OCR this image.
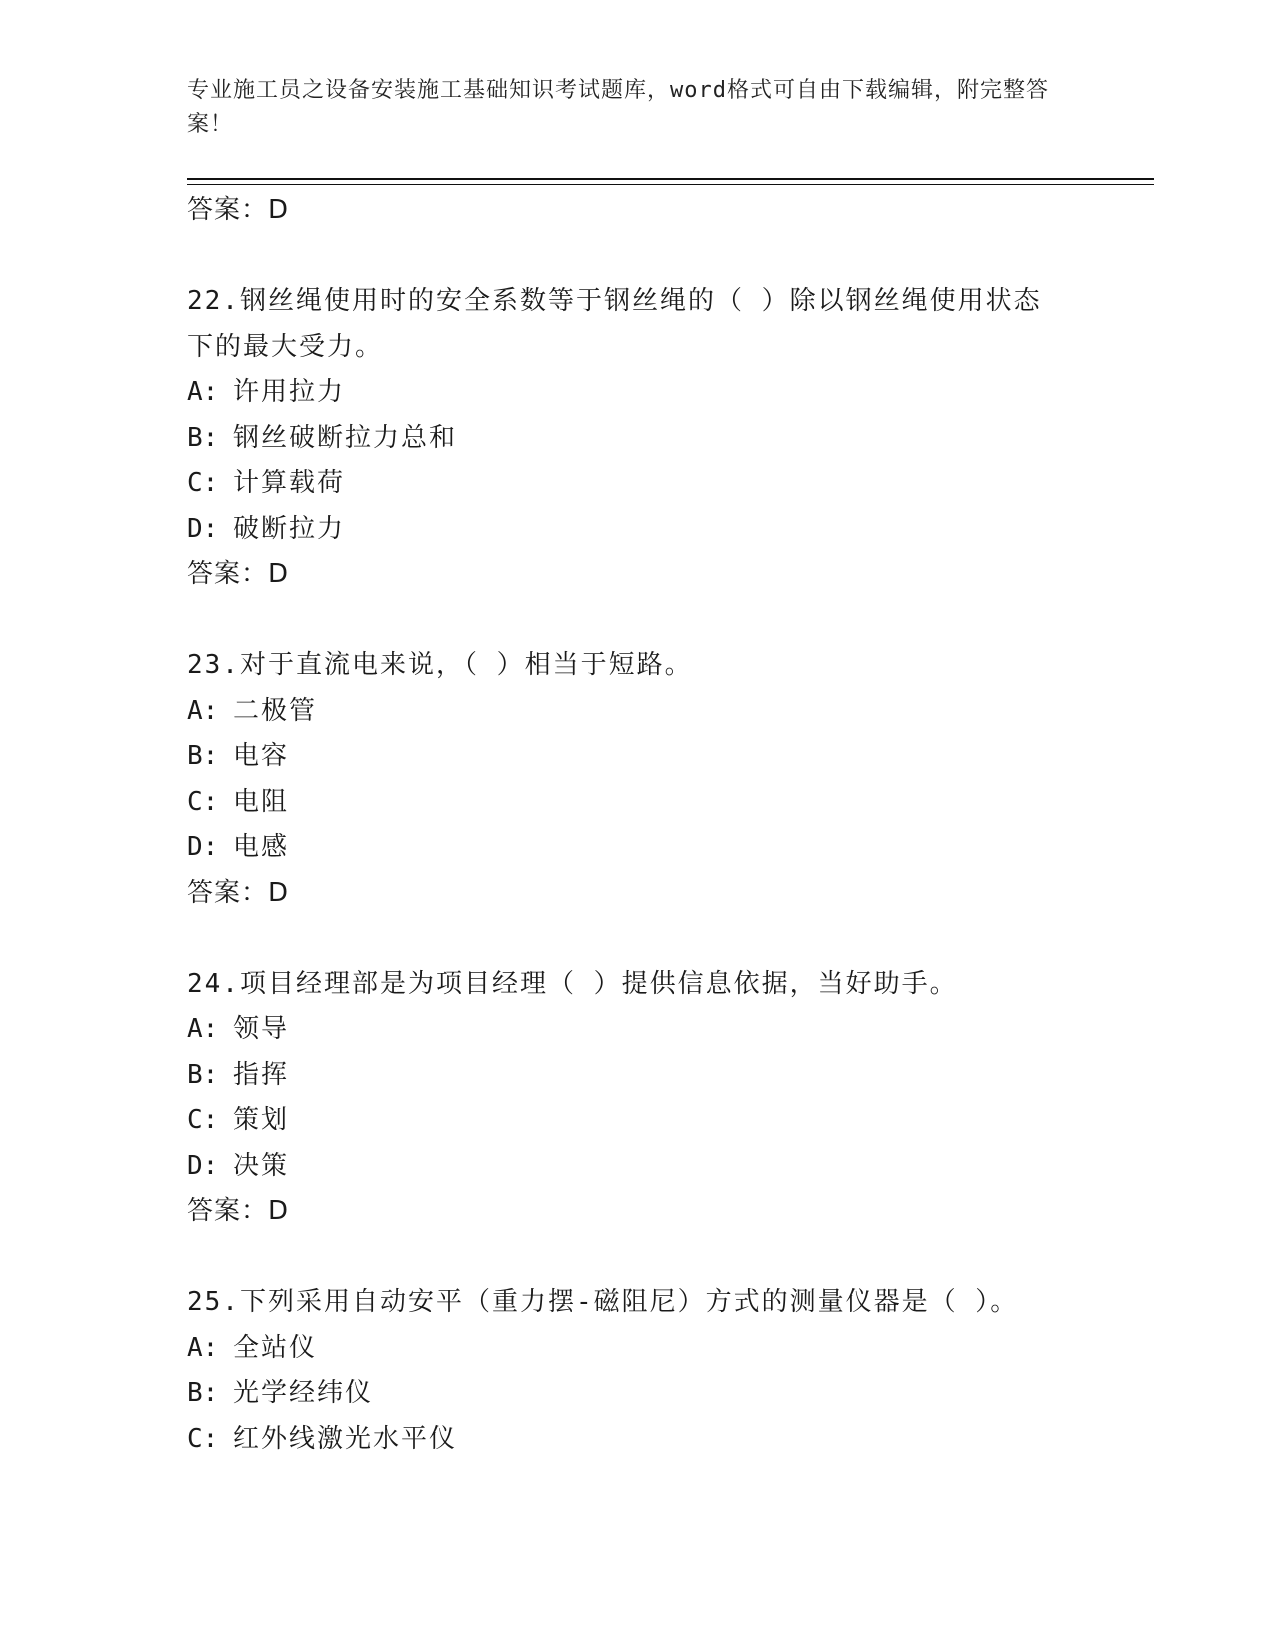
专业施工员之设备安装施工基础知识考试题库，word格式可自由下载编辑，附完整答案！
答案：D
22.钢丝绳使用时的安全系数等于钢丝绳的（ ）除以钢丝绳使用状态
下的最大受力。
A: 许用拉力
B: 钢丝破断拉力总和
C: 计算载荷
D: 破断拉力
答案：D
23.对于直流电来说，（ ）相当于短路。
A: 二极管
B: 电容
C: 电阻
D: 电感
答案：D
24.项目经理部是为项目经理（ ）提供信息依据，当好助手。
A: 领导
B: 指挥
C: 策划
D: 决策
答案：D
25.下列采用自动安平（重力摆-磁阻尼）方式的测量仪器是（ ）。
A: 全站仪
B: 光学经纬仪
C: 红外线激光水平仪
